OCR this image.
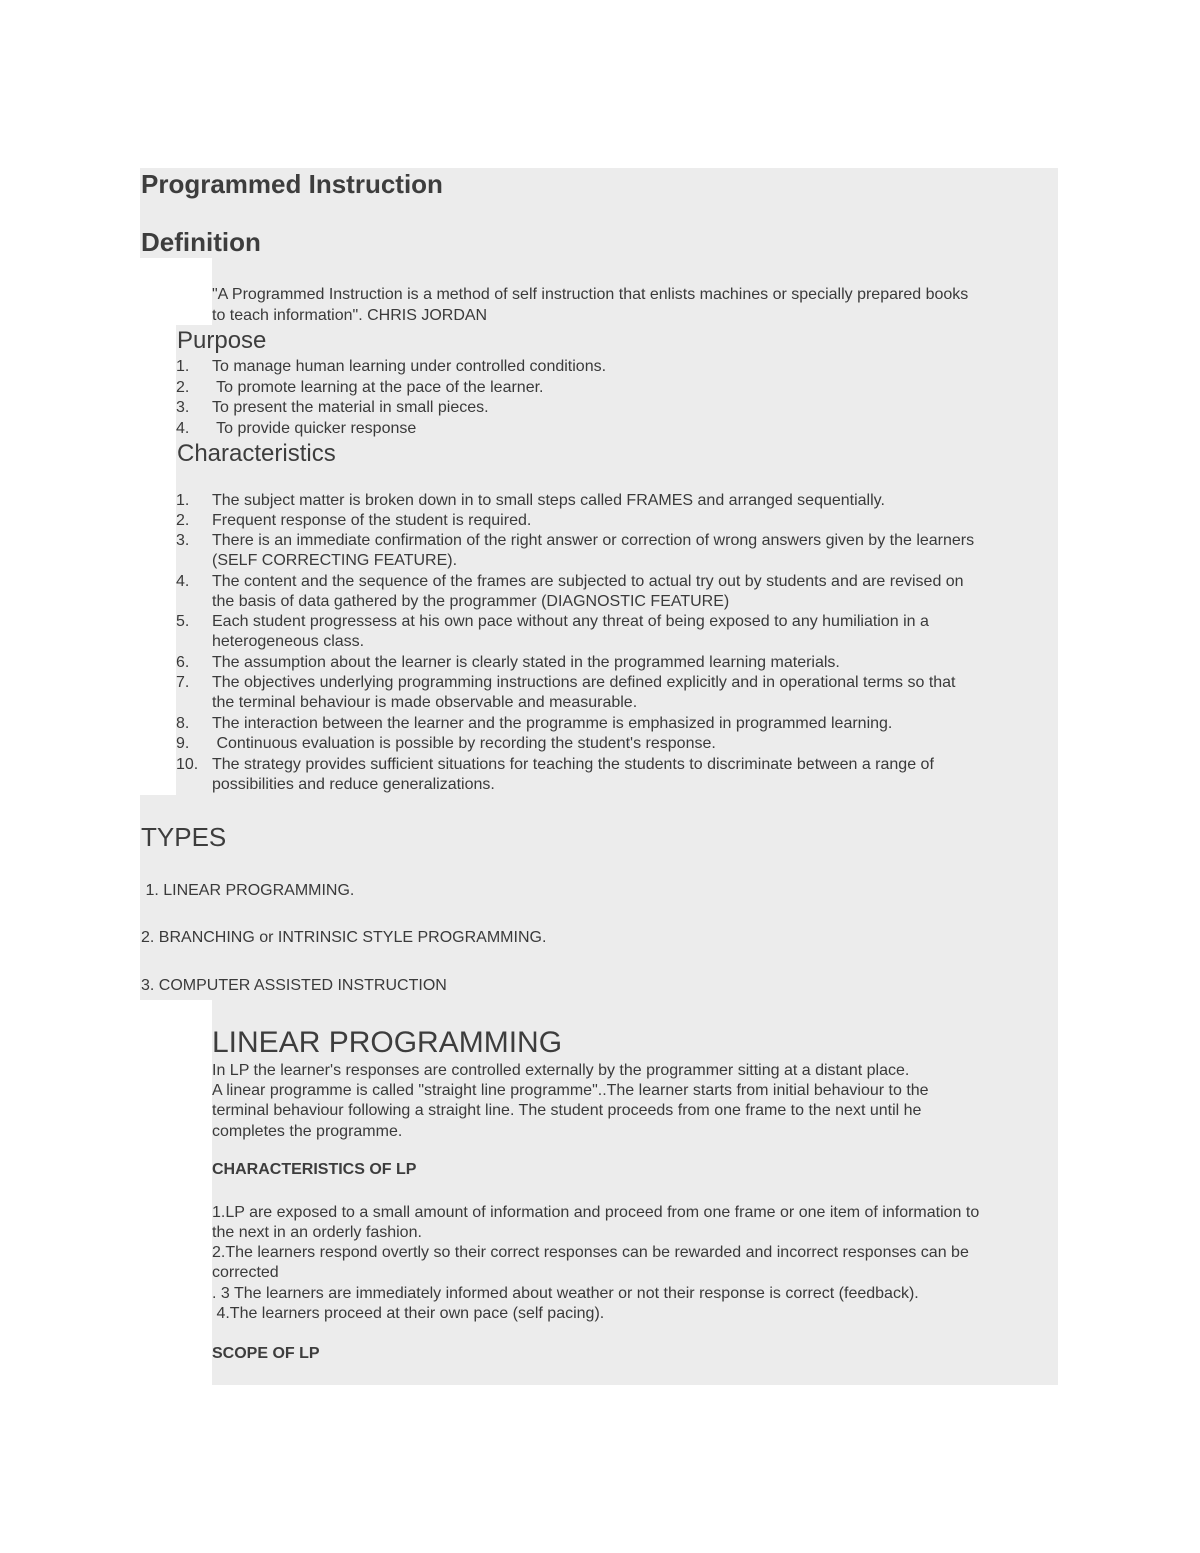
Programmed Instruction
Definition
"A Programmed Instruction is a method of self instruction that enlists machines or specially prepared books
to teach information". CHRIS JORDAN
Purpose
1.	To manage human learning under controlled conditions.
2.	To promote learning at the pace of the learner.
3.	To present the material in small pieces.
4.	To provide quicker response
Characteristics
1.	The subject matter is broken down in to small steps called FRAMES and arranged sequentially.
2.	Frequent response of the student is required.
3.	There is an immediate confirmation of the right answer or correction of wrong answers given by the learners
(SELF CORRECTING FEATURE).
4.	The content and the sequence of the frames are subjected to actual try out by students and are revised on
the basis of data gathered by the programmer (DIAGNOSTIC FEATURE)
5.	Each student progressess at his own pace without any threat of being exposed to any humiliation in a
heterogeneous class.
6.	The assumption about the learner is clearly stated in the programmed learning materials.
7.	The objectives underlying programming instructions are defined explicitly and in operational terms so that
the terminal behaviour is made observable and measurable.
8.	The interaction between the learner and the programme is emphasized in programmed learning.
9.	Continuous evaluation is possible by recording the student's response.
10. The strategy provides sufficient situations for teaching the students to discriminate between a range of
possibilities and reduce generalizations.
TYPES
1. LINEAR PROGRAMMING.
2. BRANCHING or INTRINSIC STYLE PROGRAMMING.
3. COMPUTER ASSISTED INSTRUCTION
LINEAR PROGRAMMING
In LP the learner's responses are controlled externally by the programmer sitting at a distant place.
A linear programme is called "straight line programme"..The learner starts from initial behaviour to the
terminal behaviour following a straight line. The student proceeds from one frame to the next until he
completes the programme.
CHARACTERISTICS OF LP
1.LP are exposed to a small amount of information and proceed from one frame or one item of information to
the next in an orderly fashion.
2.The learners respond overtly so their correct responses can be rewarded and incorrect responses can be
corrected
. 3 The learners are immediately informed about weather or not their response is correct (feedback).
4.The learners proceed at their own pace (self pacing).
SCOPE OF LP
